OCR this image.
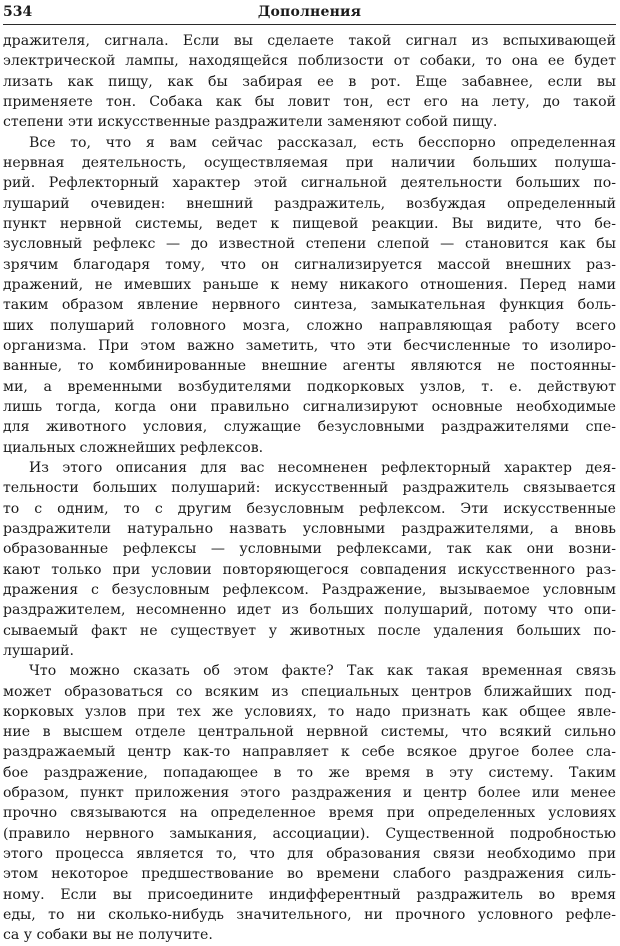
534	Дополнения
дражителя, сигнала. Если вы сделаете такой сигнал из вспыхивающей
электрической лампы, находящейся поблизости от собаки, то она ее будет
лизать как пищу, как бы забирая ее в рот. Еще забавнее, если вы
применяете тон. Собака как бы ловит тон, ест его на лету, до такой
степени эти искусственные раздражители заменяют собой пищу.
Все то, что я вам сейчас рассказал, есть бесспорно определенная
нервная деятельность, осуществляемая при наличии больших полуша-
рий. Рефлекторный характер этой сигнальной деятельности больших по-
лушарий очевиден: внешний раздражитель, возбуждая определенный
пункт нервной системы, ведет к пищевой реакции. Вы видите, что бе-
зусловный рефлекс — до известной степени слепой — становится как бы
зрячим благодаря тому, что он сигнализируется массой внешних раз-
дражений, не имевших раньше к нему никакого отношения. Перед нами
таким образом явление нервного синтеза, замыкательная функция боль-
ших полушарий головного мозга, сложно направляющая работу всего
организма. При этом важно заметить, что эти бесчисленные то изолиро-
ванные, то комбинированные внешние агенты являются не постоянны-
ми, а временными возбудителями подкорковых узлов, т. е. действуют
лишь тогда, когда они правильно сигнализируют основные необходимые
для животного условия, служащие безусловными раздражителями спе-
циальных сложнейших рефлексов.
Из этого описания для вас несомненен рефлекторный характер дея-
тельности больших полушарий: искусственный раздражитель связывается
то с одним, то с другим безусловным рефлексом. Эти искусственные
раздражители натурально назвать условными раздражителями, а вновь
образованные рефлексы — условными рефлексами, так как они возни-
кают только при условии повторяющегося совпадения искусственного раз-
дражения с безусловным рефлексом. Раздражение, вызываемое условным
раздражителем, несомненно идет из больших полушарий, потому что опи-
сываемый факт не существует у животных после удаления больших по-
лушарий.
Что можно сказать об этом факте? Так как такая временная связь
может образоваться со всяким из специальных центров ближайших под-
корковых узлов при тех же условиях, то надо признать как общее явле-
ние в высшем отделе центральной нервной системы, что всякий сильно
раздражаемый центр как-то направляет к себе всякое другое более сла-
бое раздражение, попадающее в то же время в эту систему. Таким
образом, пункт приложения этого раздражения и центр более или менее
прочно связываются на определенное время при определенных условиях
(правило нервного замыкания, ассоциации). Существенной подробностью
этого процесса является то, что для образования связи необходимо при
этом некоторое предшествование во времени слабого раздражения силь-
ному. Если вы присоедините индифферентный раздражитель во время
еды, то ни сколько-нибудь значительного, ни прочного условного рефле-
са у собаки вы не получите.
